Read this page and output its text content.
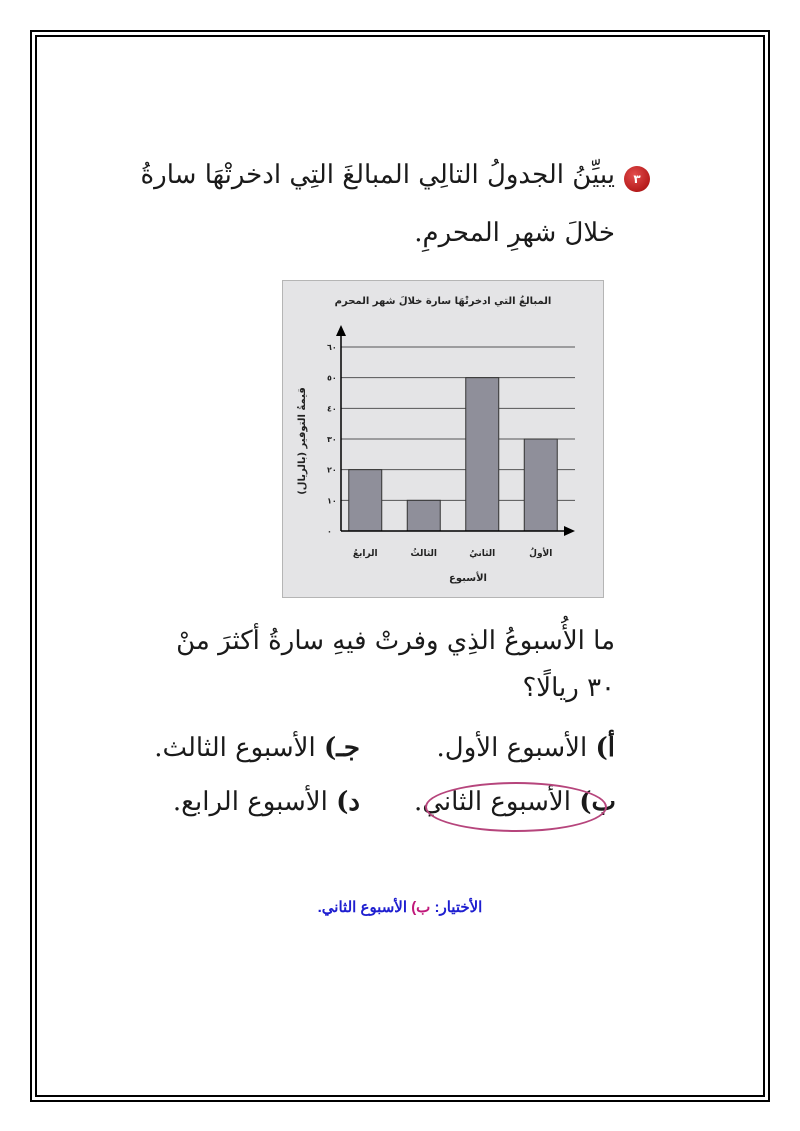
٣
يبيِّنُ الجدولُ التالِي المبالغَ التِي ادخرتْهَا سارةُ
خلالَ شهرِ المحرمِ.
المبالغُ التي ادخرتْهَا سارة خلالَ شهر المحرم
٠
١٠
٢٠
٣٠
٤٠
٥٠
٦٠
الأولُ
الثانيُ
الثالثُ
الرابعُ
الأسبوع
قيمةُ التوفير (بالريال)
ما الأُسبوعُ الذِي وفرتْ فيهِ سارةُ أكثرَ منْ
٣٠ ريالًا؟
أ) الأسبوع الأول.
ب) الأسبوع الثاني.
جـ) الأسبوع الثالث.
د) الأسبوع الرابع.
الأختيار: ب) الأسبوع الثاني.
